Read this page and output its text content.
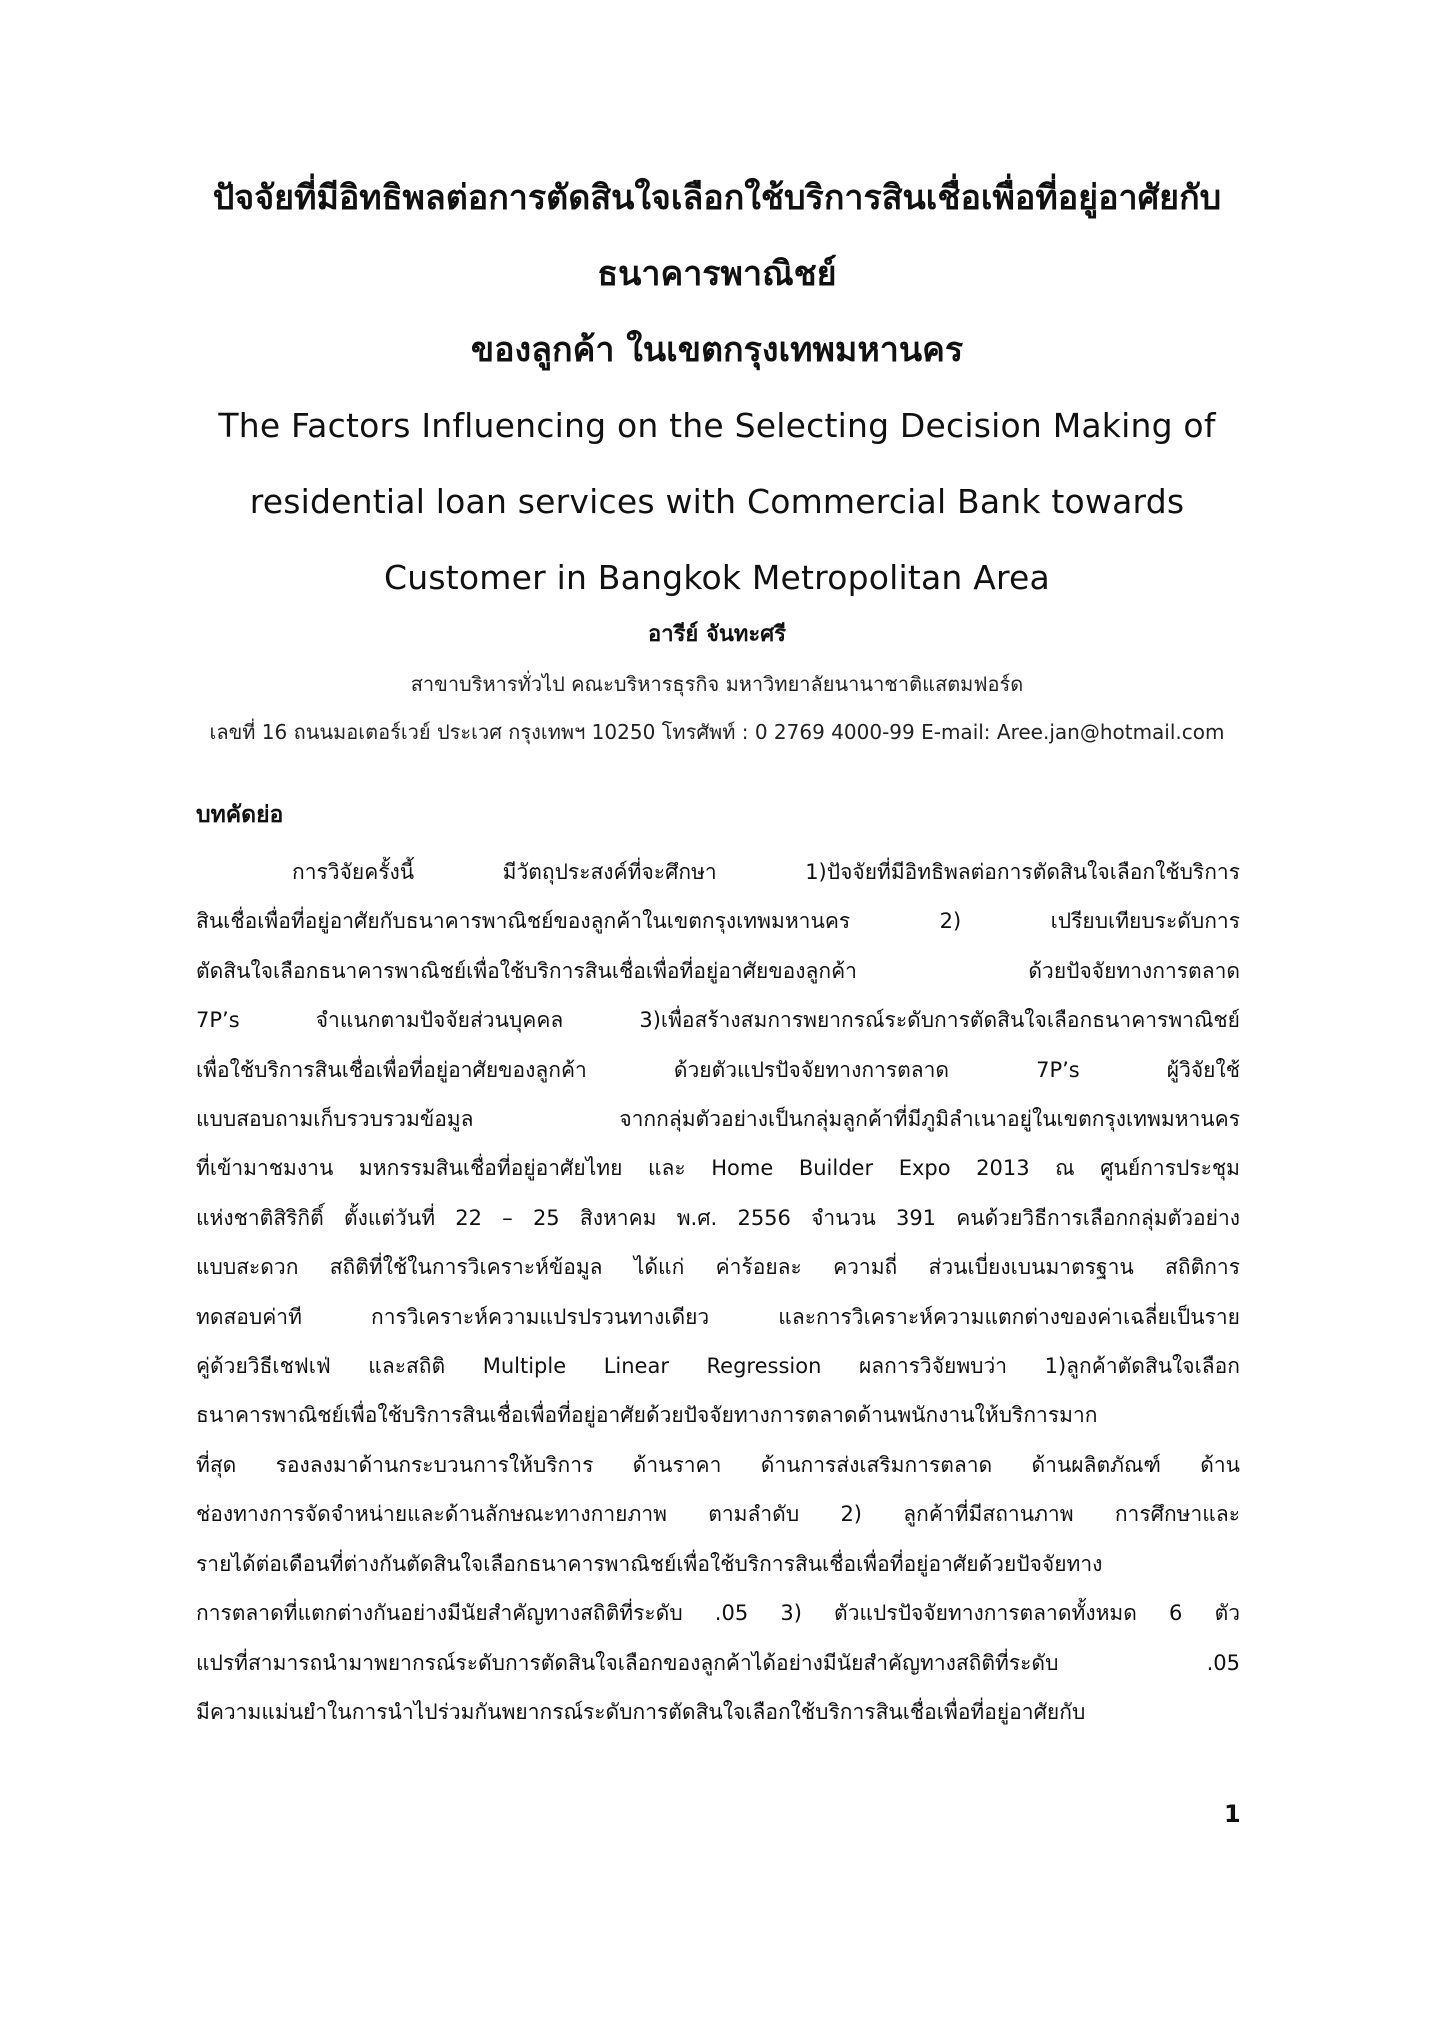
ปัจจัยที่มีอิทธิพลต่อการตัดสินใจเลือกใช้บริการสินเชื่อเพื่อที่อยู่อาศัยกับ
ธนาคารพาณิชย์
ของลูกค้า ในเขตกรุงเทพมหานคร
The Factors Influencing on the Selecting Decision Making of
residential loan services with Commercial Bank towards
Customer in Bangkok Metropolitan Area
อารีย์ จันทะศรี
สาขาบริหารทั่วไป คณะบริหารธุรกิจ มหาวิทยาลัยนานาชาติแสตมฟอร์ด
เลขที่ 16 ถนนมอเตอร์เวย์ ประเวศ กรุงเทพฯ 10250 โทรศัพท์ : 0 2769 4000-99 E-mail: Aree.jan@hotmail.com
บทคัดย่อ
การวิจัยครั้งนี้ มีวัตถุประสงค์ที่จะศึกษา 1)ปัจจัยที่มีอิทธิพลต่อการตัดสินใจเลือกใช้บริการ
สินเชื่อเพื่อที่อยู่อาศัยกับธนาคารพาณิชย์ของลูกค้าในเขตกรุงเทพมหานคร 2) เปรียบเทียบระดับการ
ตัดสินใจเลือกธนาคารพาณิชย์เพื่อใช้บริการสินเชื่อเพื่อที่อยู่อาศัยของลูกค้า ด้วยปัจจัยทางการตลาด
7P’s จำแนกตามปัจจัยส่วนบุคคล 3)เพื่อสร้างสมการพยากรณ์ระดับการตัดสินใจเลือกธนาคารพาณิชย์
เพื่อใช้บริการสินเชื่อเพื่อที่อยู่อาศัยของลูกค้า ด้วยตัวแปรปัจจัยทางการตลาด 7P’s ผู้วิจัยใช้
แบบสอบถามเก็บรวบรวมข้อมูล จากกลุ่มตัวอย่างเป็นกลุ่มลูกค้าที่มีภูมิลำเนาอยู่ในเขตกรุงเทพมหานคร
ที่เข้ามาชมงาน มหกรรมสินเชื่อที่อยู่อาศัยไทย และ Home Builder Expo 2013 ณ ศูนย์การประชุม
แห่งชาติสิริกิติ์ ตั้งแต่วันที่ 22 – 25 สิงหาคม พ.ศ. 2556 จำนวน 391 คนด้วยวิธีการเลือกกลุ่มตัวอย่าง
แบบสะดวก สถิติที่ใช้ในการวิเคราะห์ข้อมูล ได้แก่ ค่าร้อยละ ความถี่ ส่วนเบี่ยงเบนมาตรฐาน สถิติการ
ทดสอบค่าที การวิเคราะห์ความแปรปรวนทางเดียว และการวิเคราะห์ความแตกต่างของค่าเฉลี่ยเป็นราย
คู่ด้วยวิธีเชฟเฟ่ และสถิติ Multiple Linear Regression ผลการวิจัยพบว่า 1)ลูกค้าตัดสินใจเลือก
ธนาคารพาณิชย์เพื่อใช้บริการสินเชื่อเพื่อที่อยู่อาศัยด้วยปัจจัยทางการตลาดด้านพนักงานให้บริการมาก
ที่สุด รองลงมาด้านกระบวนการให้บริการ ด้านราคา ด้านการส่งเสริมการตลาด ด้านผลิตภัณฑ์ ด้าน
ช่องทางการจัดจำหน่ายและด้านลักษณะทางกายภาพ ตามลำดับ 2) ลูกค้าที่มีสถานภาพ การศึกษาและ
รายได้ต่อเดือนที่ต่างกันตัดสินใจเลือกธนาคารพาณิชย์เพื่อใช้บริการสินเชื่อเพื่อที่อยู่อาศัยด้วยปัจจัยทาง
การตลาดที่แตกต่างกันอย่างมีนัยสำคัญทางสถิติที่ระดับ .05 3) ตัวแปรปัจจัยทางการตลาดทั้งหมด 6 ตัว
แปรที่สามารถนำมาพยากรณ์ระดับการตัดสินใจเลือกของลูกค้าได้อย่างมีนัยสำคัญทางสถิติที่ระดับ .05
มีความแม่นยำในการนำไปร่วมกันพยากรณ์ระดับการตัดสินใจเลือกใช้บริการสินเชื่อเพื่อที่อยู่อาศัยกับ
1
